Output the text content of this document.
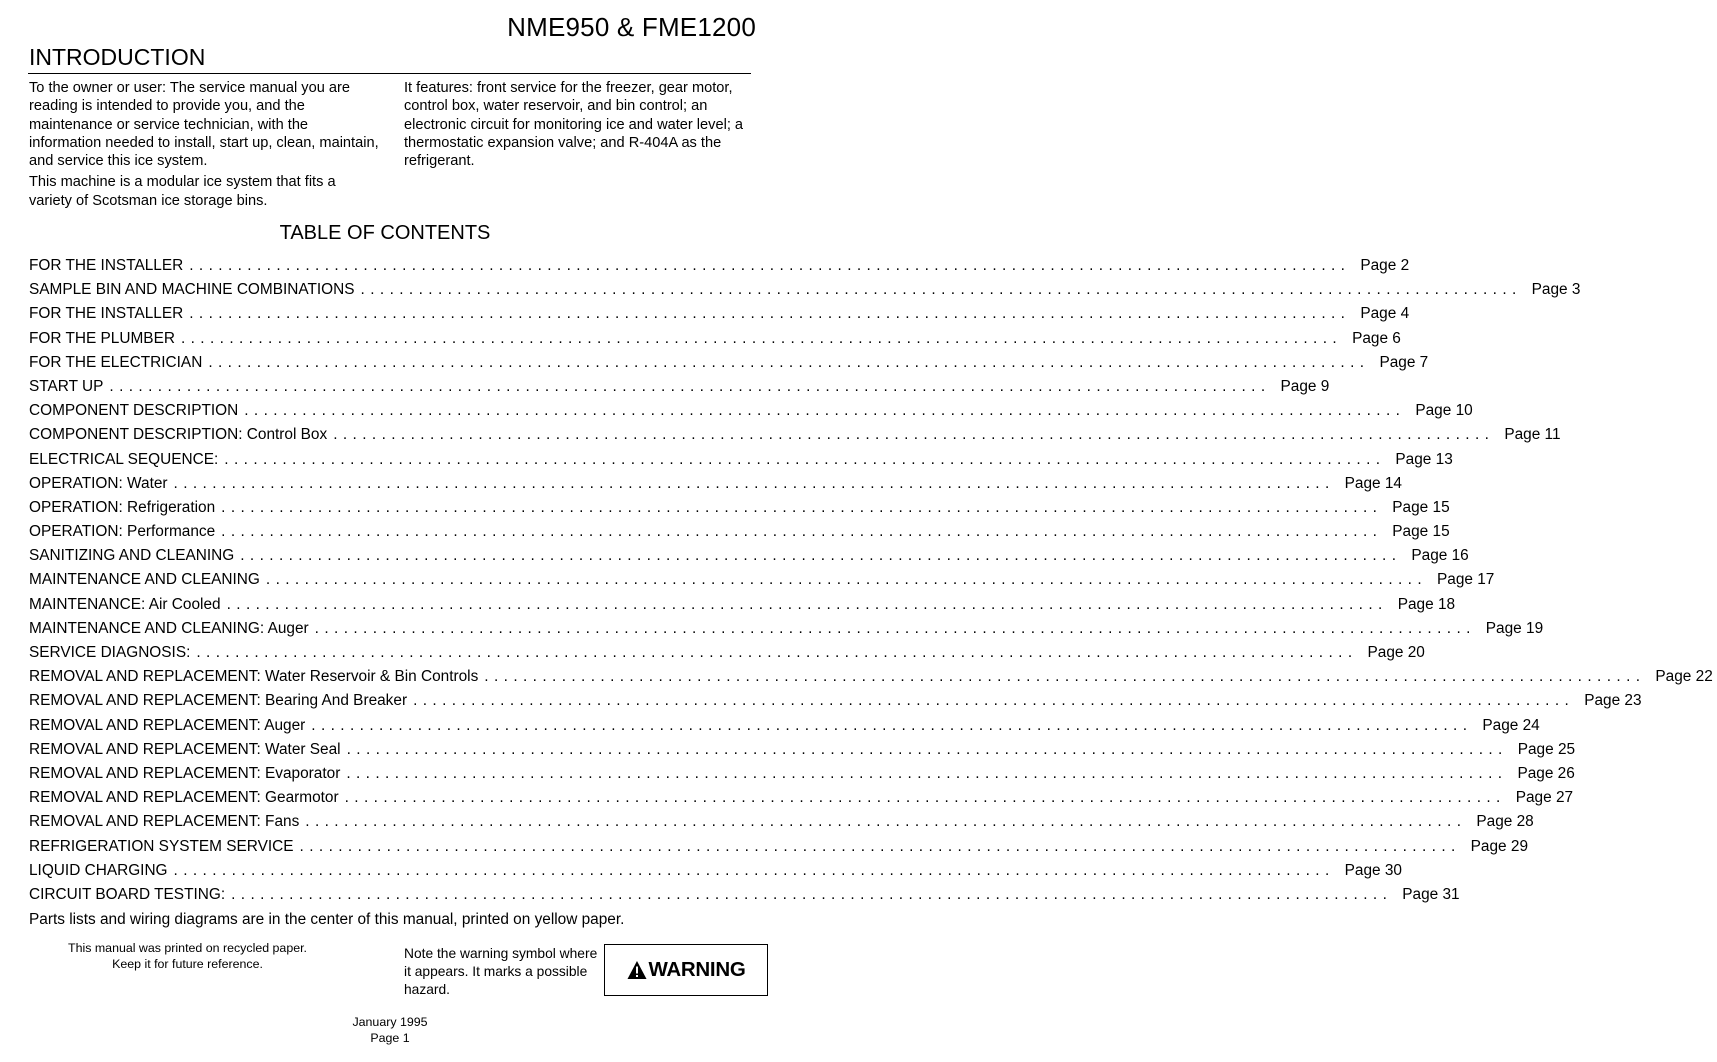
NME950 & FME1200
INTRODUCTION

To the owner or user: The service manual you are reading is intended to provide you, and the maintenance or service technician, with the information needed to install, start up, clean, maintain, and service this ice system.

This machine is a modular ice system that fits a variety of Scotsman ice storage bins.

It features: front service for the freezer, gear motor, control box, water reservoir, and bin control; an electronic circuit for monitoring ice and water level; a thermostatic expansion valve; and R-404A as the refrigerant.

TABLE OF CONTENTS
FOR THE INSTALLER ........................................................................................................................ Page 2
SAMPLE BIN AND MACHINE COMBINATIONS ........................................................................................................................ Page 3
FOR THE INSTALLER ........................................................................................................................ Page 4
FOR THE PLUMBER ........................................................................................................................ Page 6
FOR THE ELECTRICIAN ........................................................................................................................ Page 7
START UP ........................................................................................................................ Page 9
COMPONENT DESCRIPTION ........................................................................................................................ Page 10
COMPONENT DESCRIPTION: Control Box ........................................................................................................................ Page 11
ELECTRICAL SEQUENCE: ........................................................................................................................ Page 13
OPERATION: Water ........................................................................................................................ Page 14
OPERATION: Refrigeration ........................................................................................................................ Page 15
OPERATION: Performance ........................................................................................................................ Page 15
SANITIZING AND CLEANING ........................................................................................................................ Page 16
MAINTENANCE AND CLEANING ........................................................................................................................ Page 17
MAINTENANCE: Air Cooled ........................................................................................................................ Page 18
MAINTENANCE AND CLEANING: Auger ........................................................................................................................ Page 19
SERVICE DIAGNOSIS: ........................................................................................................................ Page 20
REMOVAL AND REPLACEMENT: Water Reservoir & Bin Controls ........................................................................................................................ Page 22
REMOVAL AND REPLACEMENT: Bearing And Breaker ........................................................................................................................ Page 23
REMOVAL AND REPLACEMENT: Auger ........................................................................................................................ Page 24
REMOVAL AND REPLACEMENT: Water Seal ........................................................................................................................ Page 25
REMOVAL AND REPLACEMENT: Evaporator ........................................................................................................................ Page 26
REMOVAL AND REPLACEMENT: Gearmotor ........................................................................................................................ Page 27
REMOVAL AND REPLACEMENT: Fans ........................................................................................................................ Page 28
REFRIGERATION SYSTEM SERVICE ........................................................................................................................ Page 29
LIQUID CHARGING ........................................................................................................................ Page 30
CIRCUIT BOARD TESTING: ........................................................................................................................ Page 31
Parts lists and wiring diagrams are in the center of this manual, printed on yellow paper.
This manual was printed on recycled paper.
Keep it for future reference.
Note the warning symbol where it appears. It marks a possible hazard.
WARNING
January 1995
Page 1
